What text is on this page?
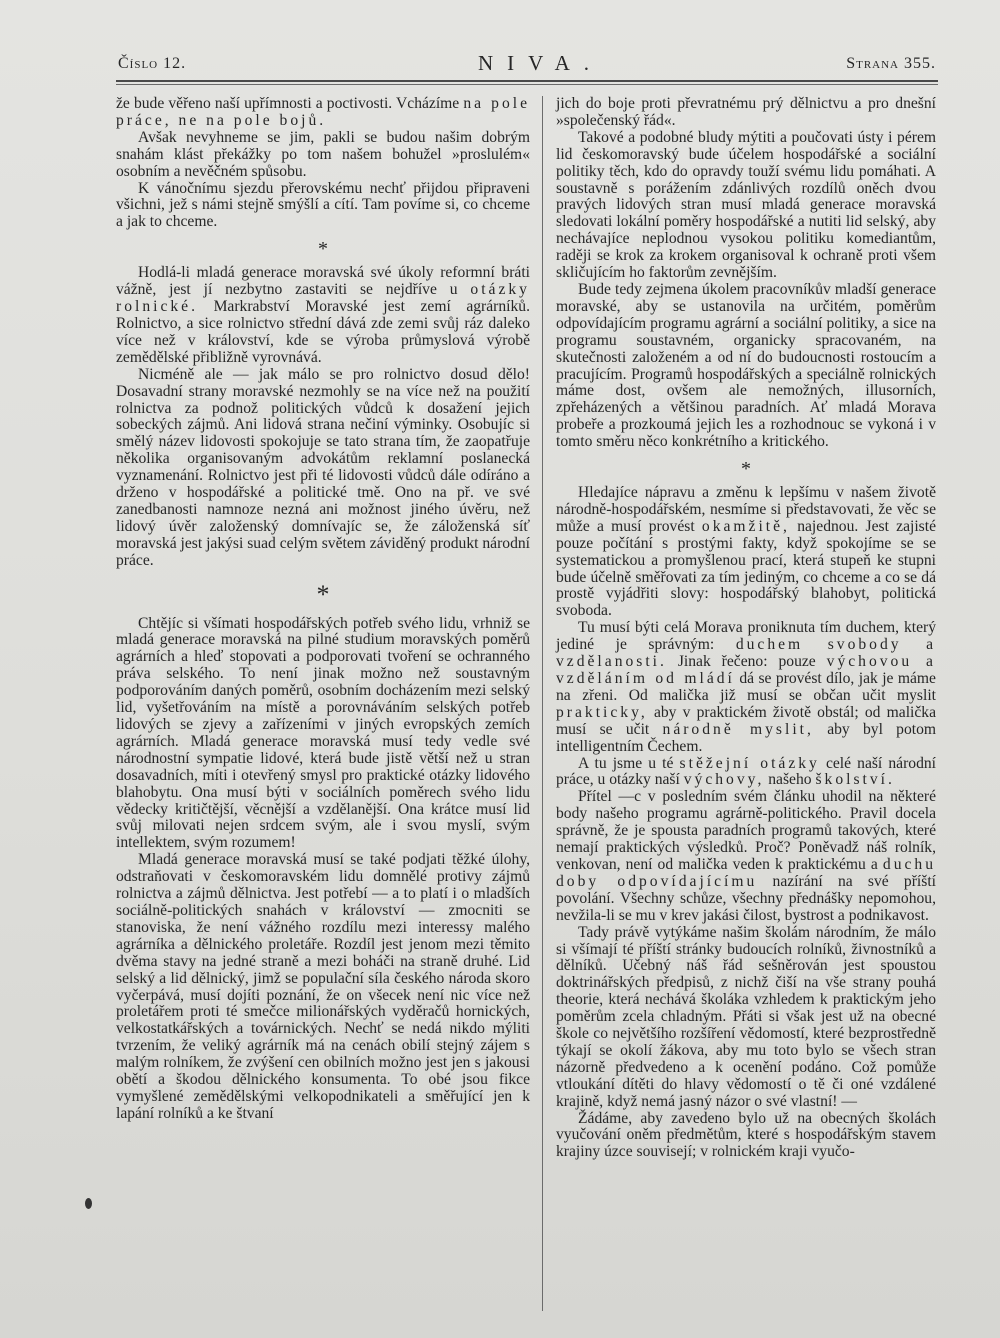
Číslo 12.	NIVA.	Strana 355.

že bude věřeno naší upřímnosti a poctivosti. Vcházíme na pole práce, ne na pole bojů.

Avšak nevyhneme se jim, pakli se budou našim dobrým snahám klást překážky po tom našem bohužel »proslulém« osobním a nevěčném spůsobu.

K vánočnímu sjezdu přerovskému nechť přijdou připraveni všichni, jež s námi stejně smýšlí a cítí. Tam povíme si, co chceme a jak to chceme.

*

Hodlá-li mladá generace moravská své úkoly reformní bráti vážně, jest jí nezbytno zastaviti se nejdříve u otázky rolnické. Markrabství Moravské jest zemí agrárníků. Rolnictvo, a sice rolnictvo střední dává zde zemi svůj ráz daleko více než v království, kde se výroba průmyslová výrobě zemědělské přibližně vyrovnává.

Nicméně ale — jak málo se pro rolnictvo dosud dělo! Dosavadní strany moravské nezmohly se na více než na použití rolnictva za podnož politických vůdců k dosažení jejich sobeckých zájmů. Ani lidová strana nečiní výminky. Osobujíc si smělý název lidovosti spokojuje se tato strana tím, že zaopatřuje několika organisovaným advokátům reklamní poslanecká vyznamenání. Rolnictvo jest při té lidovosti vůdců dále odíráno a drženo v hospodářské a politické tmě. Ono na př. ve své zanedbanosti namnoze nezná ani možnost jiného úvěru, než lidový úvěr založenský domnívajíc se, že záloženská síť moravská jest jakýsi suad celým světem záviděný produkt národní práce.

*

Chtějíc si všímati hospodářských potřeb svého lidu, vrhniž se mladá generace moravská na pilné studium moravských poměrů agrárních a hleď stopovati a podporovati tvoření se ochranného práva selského. To není jinak možno než soustavným podporováním daných poměrů, osobním docházením mezi selský lid, vyšetřováním na místě a porovnáváním selských potřeb lidových se zjevy a zařízeními v jiných evropských zemích agrárních. Mladá generace moravská musí tedy vedle své národnostní sympatie lidové, která bude jistě větší než u stran dosavadních, míti i otevřený smysl pro praktické otázky lidového blahobytu. Ona musí býti v sociálních poměrech svého lidu vědecky kritičtější, věcnější a vzdělanější. Ona krátce musí lid svůj milovati nejen srdcem svým, ale i svou myslí, svým intellektem, svým rozumem!

Mladá generace moravská musí se také podjati těžké úlohy, odstraňovati v českomoravském lidu domnělé protivy zájmů rolnictva a zájmů dělnictva. Jest potřebí — a to platí i o mladších sociálně-politických snahách v království — zmocniti se stanoviska, že není vážného rozdílu mezi interessy malého agrárníka a dělnického proletáře. Rozdíl jest jenom mezi těmito dvěma stavy na jedné straně a mezi boháči na straně druhé. Lid selský a lid dělnický, jimž se populační síla českého národa skoro vyčerpává, musí dojíti poznání, že on všecek není nic více než proletářem proti té smečce milionářských vyděračů hornických, velkostatkářských a továrnických. Nechť se nedá nikdo mýliti tvrzením, že veliký agrárník má na cenách obilí stejný zájem s malým rolníkem, že zvýšení cen obilních možno jest jen s jakousi obětí a škodou dělnického konsumenta. To obé jsou fikce vymyšlené zemědělskými velkopodnikateli a směřující jen k lapání rolníků a ke štvaní

jich do boje proti převratnému prý dělnictvu a pro dnešní »společenský řád«.

Takové a podobné bludy mýtiti a poučovati ústy i pérem lid českomoravský bude účelem hospodářské a sociální politiky těch, kdo do opravdy touží svému lidu pomáhati. A soustavně s porážením zdánlivých rozdílů oněch dvou pravých lidových stran musí mladá generace moravská sledovati lokální poměry hospodářské a nutiti lid selský, aby nechávajíce neplodnou vysokou politiku komediantům, raději se krok za krokem organisoval k ochraně proti všem skličujícím ho faktorům zevnějším.

Bude tedy zejmena úkolem pracovníkův mladší generace moravské, aby se ustanovila na určitém, poměrům odpovídajícím programu agrární a sociální politiky, a sice na programu soustavném, organicky spracovaném, na skutečnosti založeném a od ní do budoucnosti rostoucím a pracujícím. Programů hospodářských a speciálně rolnických máme dost, ovšem ale nemožných, illusorních, zpřeházených a většinou paradních. Ať mladá Morava probeře a prozkoumá jejich les a rozhodnouc se vykoná i v tomto směru něco konkrétního a kritického.

*

Hledajíce nápravu a změnu k lepšímu v našem životě národně-hospodářském, nesmíme si představovati, že věc se může a musí provést okamžitě, najednou. Jest zajisté pouze počítání s prostými fakty, když spokojíme se se systematickou a promyšlenou prací, která stupeň ke stupni bude účelně směřovati za tím jediným, co chceme a co se dá prostě vyjádřiti slovy: hospodářský blahobyt, politická svoboda.

Tu musí býti celá Morava proniknuta tím duchem, který jediné je správným: duchem svobody a vzdělanosti. Jinak řečeno: pouze výchovou a vzděláním od mládí dá se provést dílo, jak je máme na zřeni. Od malička již musí se občan učit myslit prakticky, aby v praktickém životě obstál; od malička musí se učit národně myslit, aby byl potom intelligentním Čechem.

A tu jsme u té stěžejní otázky celé naší národní práce, u otázky naší výchovy, našeho školství.

Přítel —c v posledním svém článku uhodil na některé body našeho programu agrárně-politického. Pravil docela správně, že je spousta paradních programů takových, které nemají praktických výsledků. Proč? Poněvadž náš rolník, venkovan, není od malička veden k praktickému a duchu doby odpovídajícímu nazírání na své příští povolání. Všechny schůze, všechny přednášky nepomohou, nevžila-li se mu v krev jakási čilost, bystrost a podnikavost.

Tady právě vytýkáme našim školám národním, že málo si všímají té příští stránky budoucích rolníků, živnostníků a dělníků. Učebný náš řád sešněrován jest spoustou doktrinářských předpisů, z nichž čiší na vše strany pouhá theorie, která nechává školáka vzhledem k praktickým jeho poměrům zcela chladným. Přáti si však jest už na obecné škole co největšího rozšíření vědomostí, které bezprostředně týkají se okolí žákova, aby mu toto bylo se všech stran názorně předvedeno a k ocenění podáno. Což pomůže vtloukání dítěti do hlavy vědomostí o tě či oné vzdálené krajině, když nemá jasný názor o své vlastní! —

Žádáme, aby zavedeno bylo už na obecných školách vyučování oněm předmětům, které s hospodářským stavem krajiny úzce souvisejí; v rolnickém kraji vyučo-
